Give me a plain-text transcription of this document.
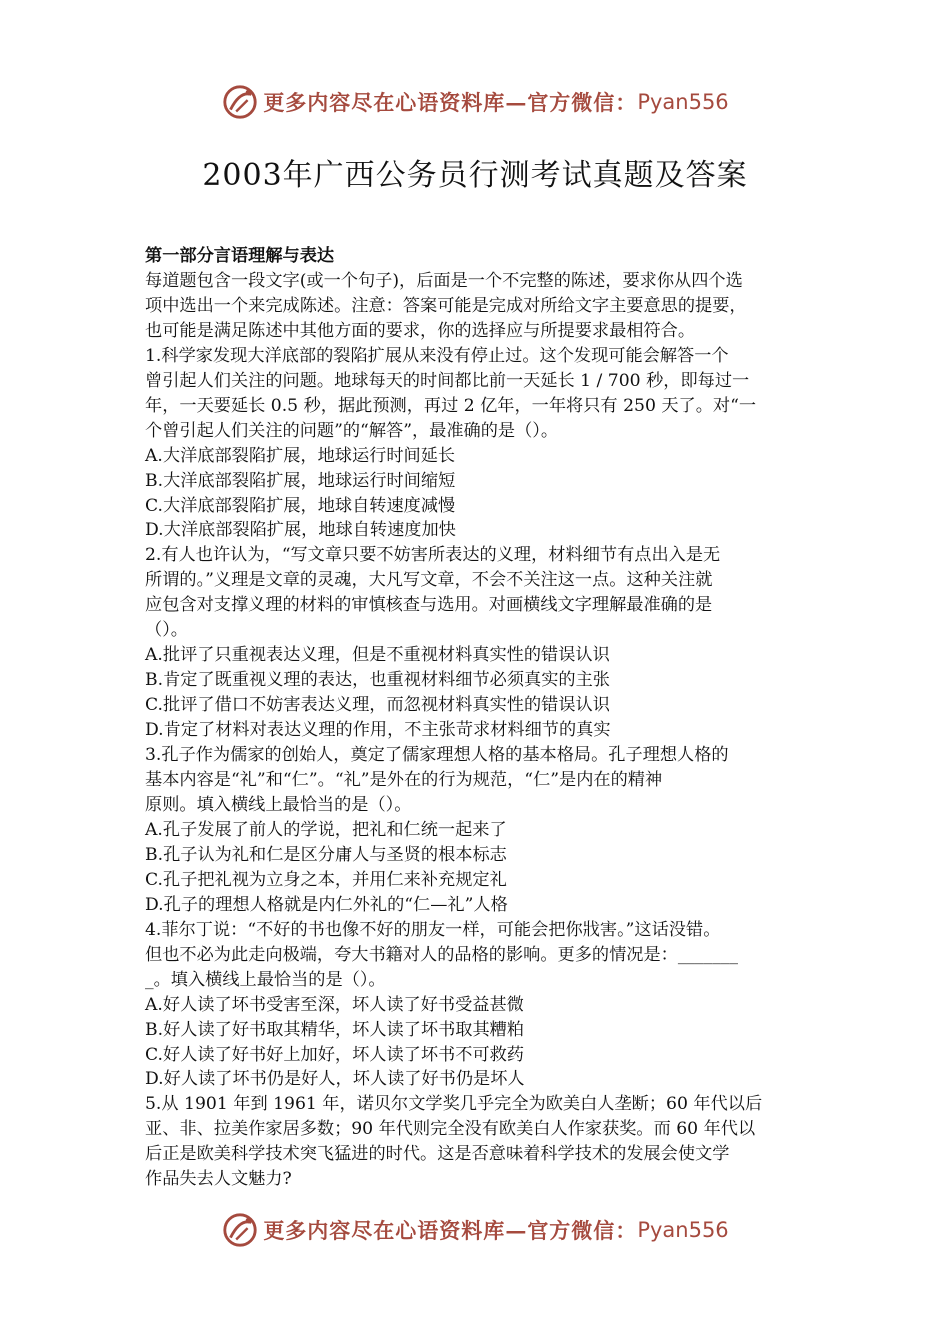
更多内容尽在心语资料库 — 官方微信： Pyan556
2003年广西公务员行测考试真题及答案

第一部分言语理解与表达

每道题包含一段文字(或一个句子)，后面是一个不完整的陈述，要求你从四个选

项中选出一个来完成陈述。注意：答案可能是完成对所给文字主要意思的提要，

也可能是满足陈述中其他方面的要求，你的选择应与所提要求最相符合。

1.科学家发现大洋底部的裂陷扩展从来没有停止过。这个发现可能会解答一个

曾引起人们关注的问题。地球每天的时间都比前一天延长 1 / 700 秒，即每过一

年，一天要延长 0.5 秒，据此预测，再过 2 亿年，一年将只有 250 天了。对“一

个曾引起人们关注的问题”的“解答”，最准确的是（）。

A.大洋底部裂陷扩展，地球运行时间延长

B.大洋底部裂陷扩展，地球运行时间缩短

C.大洋底部裂陷扩展，地球自转速度减慢

D.大洋底部裂陷扩展，地球自转速度加快

2.有人也许认为，“写文章只要不妨害所表达的义理，材料细节有点出入是无

所谓的。”义理是文章的灵魂，大凡写文章，不会不关注这一点。这种关注就

应包含对支撑义理的材料的审慎核查与选用。对画横线文字理解最准确的是

（）。

A.批评了只重视表达义理，但是不重视材料真实性的错误认识

B.肯定了既重视义理的表达，也重视材料细节必须真实的主张

C.批评了借口不妨害表达义理，而忽视材料真实性的错误认识

D.肯定了材料对表达义理的作用，不主张苛求材料细节的真实

3.孔子作为儒家的创始人，奠定了儒家理想人格的基本格局。孔子理想人格的

基本内容是“礼”和“仁”。“礼”是外在的行为规范，“仁”是内在的精神

原则。填入横线上最恰当的是（）。

A.孔子发展了前人的学说，把礼和仁统一起来了

B.孔子认为礼和仁是区分庸人与圣贤的根本标志

C.孔子把礼视为立身之本，并用仁来补充规定礼

D.孔子的理想人格就是内仁外礼的“仁—礼”人格

4.菲尔丁说：“不好的书也像不好的朋友一样，可能会把你戕害。”这话没错。

但也不必为此走向极端，夸大书籍对人的品格的影响。更多的情况是：_______

_。填入横线上最恰当的是（）。

A.好人读了坏书受害至深，坏人读了好书受益甚微

B.好人读了好书取其精华，坏人读了坏书取其糟粕

C.好人读了好书好上加好，坏人读了坏书不可救药

D.好人读了坏书仍是好人，坏人读了好书仍是坏人

5.从 1901 年到 1961 年，诺贝尔文学奖几乎完全为欧美白人垄断；60 年代以后

亚、非、拉美作家居多数；90 年代则完全没有欧美白人作家获奖。而 60 年代以

后正是欧美科学技术突飞猛进的时代。这是否意味着科学技术的发展会使文学

作品失去人文魅力?

更多内容尽在心语资料库 — 官方微信： Pyan556
